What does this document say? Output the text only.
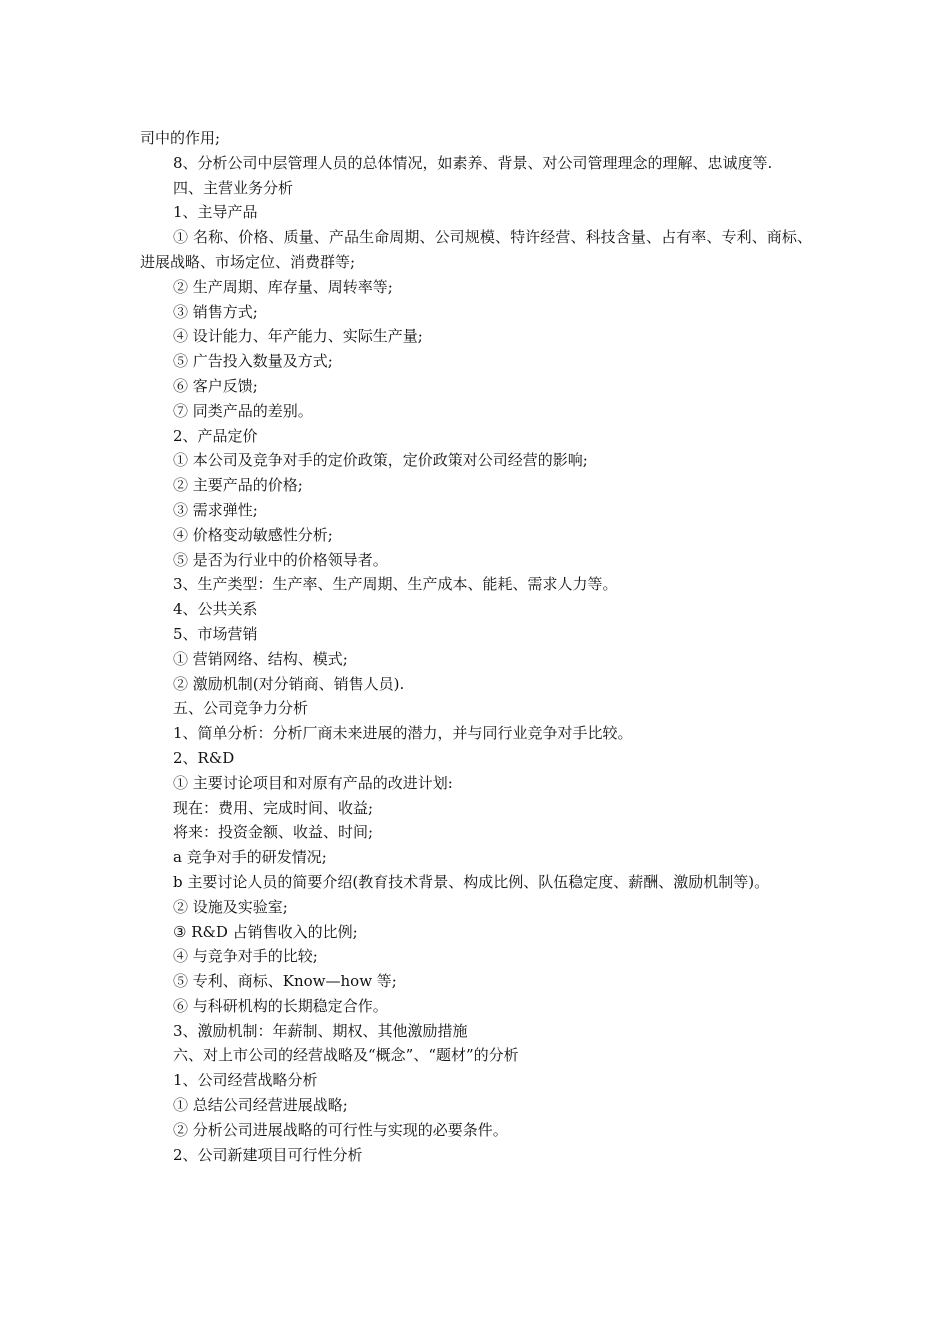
司中的作用;

8、分析公司中层管理人员的总体情况，如素养、背景、对公司管理理念的理解、忠诚度等.

四、主营业务分析

1、主导产品

① 名称、价格、质量、产品生命周期、公司规模、特许经营、科技含量、占有率、专利、商标、进展战略、市场定位、消费群等;

② 生产周期、库存量、周转率等;

③ 销售方式;

④ 设计能力、年产能力、实际生产量;

⑤ 广告投入数量及方式;

⑥ 客户反馈;

⑦ 同类产品的差别。

2、产品定价

① 本公司及竞争对手的定价政策，定价政策对公司经营的影响;

② 主要产品的价格;

③ 需求弹性;

④ 价格变动敏感性分析;

⑤ 是否为行业中的价格领导者。

3、生产类型：生产率、生产周期、生产成本、能耗、需求人力等。

4、公共关系

5、市场营销

① 营销网络、结构、模式;

② 激励机制(对分销商、销售人员).

五、公司竞争力分析

1、简单分析：分析厂商未来进展的潜力，并与同行业竞争对手比较。

2、R&D

① 主要讨论项目和对原有产品的改进计划:

现在：费用、完成时间、收益;

将来：投资金额、收益、时间;

a 竞争对手的研发情况;

b 主要讨论人员的简要介绍(教育技术背景、构成比例、队伍稳定度、薪酬、激励机制等)。

② 设施及实验室;

③ R&D 占销售收入的比例;

④ 与竞争对手的比较;

⑤ 专利、商标、Know—how 等;

⑥ 与科研机构的长期稳定合作。

3、激励机制：年薪制、期权、其他激励措施

六、对上市公司的经营战略及“概念”、“题材”的分析

1、公司经营战略分析

① 总结公司经营进展战略;

② 分析公司进展战略的可行性与实现的必要条件。

2、公司新建项目可行性分析
